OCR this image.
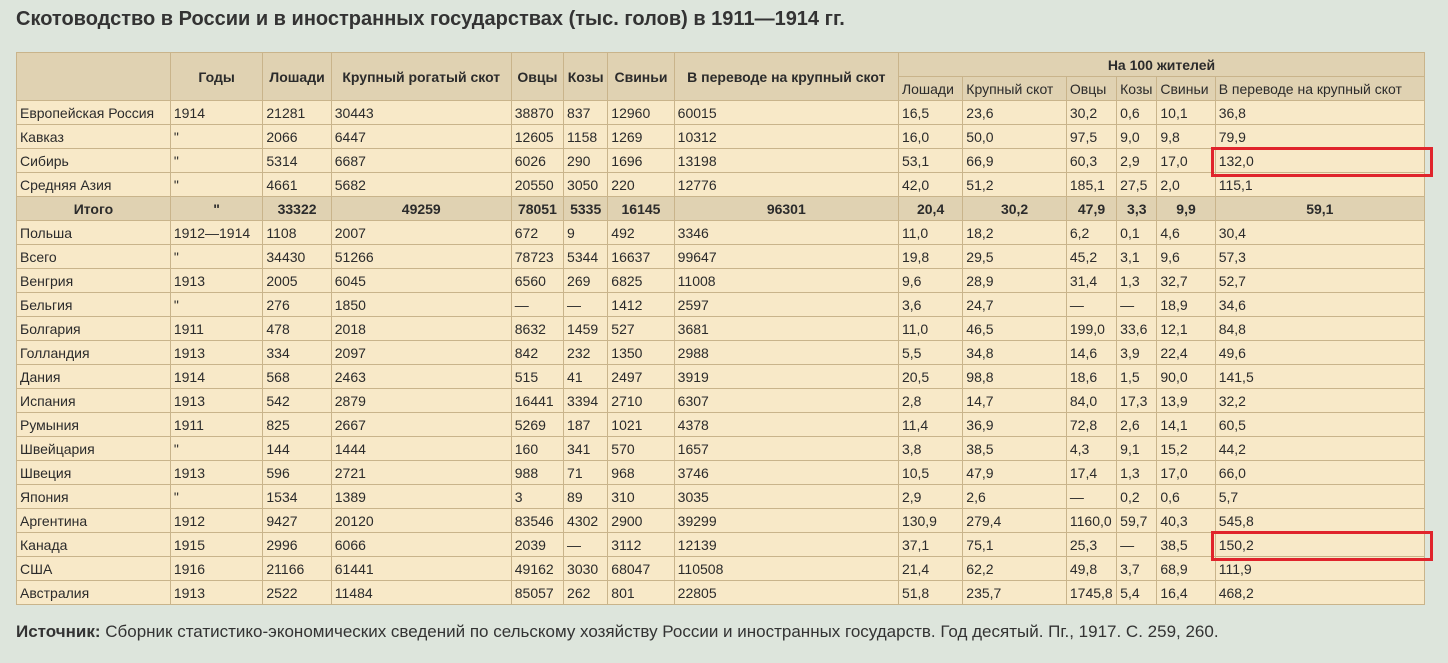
Скотоводство в России и в иностранных государствах (тыс. голов) в 1911—1914 гг.
	Годы	Лошади	Крупный рогатый скот	Овцы	Козы	Свиньи	В переводе на крупный скот	На 100 жителей					
								Лошади	Крупный скот	Овцы	Козы	Свиньи	В переводе на крупный скот
Европейская Россия	1914	21281	30443	38870	837	12960	60015	16,5	23,6	30,2	0,6	10,1	36,8
Кавказ	"	2066	6447	12605	1158	1269	10312	16,0	50,0	97,5	9,0	9,8	79,9
Сибирь	"	5314	6687	6026	290	1696	13198	53,1	66,9	60,3	2,9	17,0	132,0
Средняя Азия	"	4661	5682	20550	3050	220	12776	42,0	51,2	185,1	27,5	2,0	115,1
Итого	"	33322	49259	78051	5335	16145	96301	20,4	30,2	47,9	3,3	9,9	59,1
Польша	1912—1914	1108	2007	672	9	492	3346	11,0	18,2	6,2	0,1	4,6	30,4
Всего	"	34430	51266	78723	5344	16637	99647	19,8	29,5	45,2	3,1	9,6	57,3
Венгрия	1913	2005	6045	6560	269	6825	11008	9,6	28,9	31,4	1,3	32,7	52,7
Бельгия	"	276	1850	—	—	1412	2597	3,6	24,7	—	—	18,9	34,6
Болгария	1911	478	2018	8632	1459	527	3681	11,0	46,5	199,0	33,6	12,1	84,8
Голландия	1913	334	2097	842	232	1350	2988	5,5	34,8	14,6	3,9	22,4	49,6
Дания	1914	568	2463	515	41	2497	3919	20,5	98,8	18,6	1,5	90,0	141,5
Испания	1913	542	2879	16441	3394	2710	6307	2,8	14,7	84,0	17,3	13,9	32,2
Румыния	1911	825	2667	5269	187	1021	4378	11,4	36,9	72,8	2,6	14,1	60,5
Швейцария	"	144	1444	160	341	570	1657	3,8	38,5	4,3	9,1	15,2	44,2
Швеция	1913	596	2721	988	71	968	3746	10,5	47,9	17,4	1,3	17,0	66,0
Япония	"	1534	1389	3	89	310	3035	2,9	2,6	—	0,2	0,6	5,7
Аргентина	1912	9427	20120	83546	4302	2900	39299	130,9	279,4	1160,0	59,7	40,3	545,8
Канада	1915	2996	6066	2039	—	3112	12139	37,1	75,1	25,3	—	38,5	150,2
США	1916	21166	61441	49162	3030	68047	110508	21,4	62,2	49,8	3,7	68,9	111,9
Австралия	1913	2522	11484	85057	262	801	22805	51,8	235,7	1745,8	5,4	16,4	468,2
Источник: Сборник статистико-экономических сведений по сельскому хозяйству России и иностранных государств. Год десятый. Пг., 1917. С. 259, 260.
